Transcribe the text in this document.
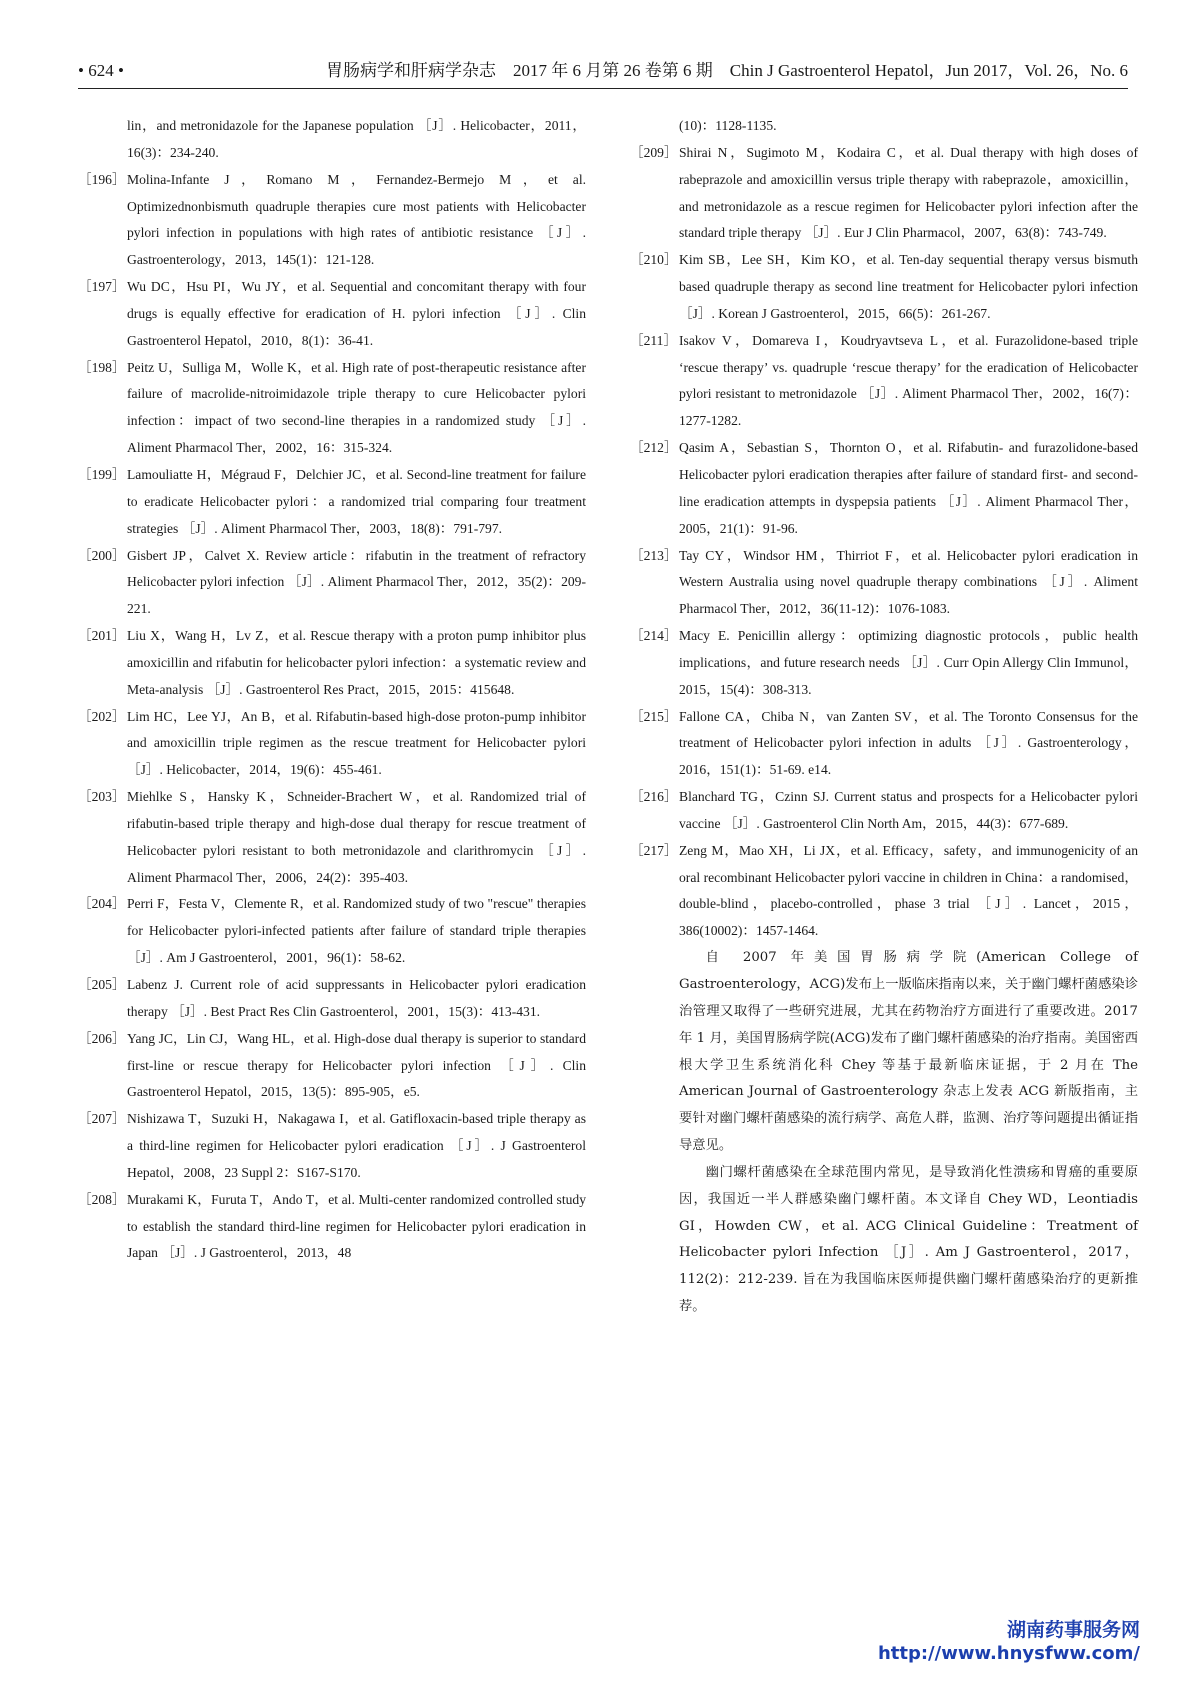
• 624 •	胃肠病学和肝病学杂志　2017 年 6 月第 26 卷第 6 期　Chin J Gastroenterol Hepatol，Jun 2017，Vol. 26，No. 6
lin，and metronidazole for the Japanese population ［J］. Helicobacter，2011，16(3)：234-240.
［196］ Molina-Infante J，Romano M，Fernandez-Bermejo M，et al. Optimizednonbismuth quadruple therapies cure most patients with Helicobacter pylori infection in populations with high rates of antibiotic resistance ［J］. Gastroenterology，2013，145(1)：121-128.
［197］ Wu DC，Hsu PI，Wu JY，et al. Sequential and concomitant therapy with four drugs is equally effective for eradication of H. pylori infection ［J］. Clin Gastroenterol Hepatol，2010，8(1)：36-41.
［198］ Peitz U，Sulliga M，Wolle K，et al. High rate of post-therapeutic resistance after failure of macrolide-nitroimidazole triple therapy to cure Helicobacter pylori infection：impact of two second-line therapies in a randomized study ［J］. Aliment Pharmacol Ther，2002，16：315-324.
［199］ Lamouliatte H，Mégraud F，Delchier JC，et al. Second-line treatment for failure to eradicate Helicobacter pylori：a randomized trial comparing four treatment strategies ［J］. Aliment Pharmacol Ther，2003，18(8)：791-797.
［200］ Gisbert JP，Calvet X. Review article：rifabutin in the treatment of refractory Helicobacter pylori infection ［J］. Aliment Pharmacol Ther，2012，35(2)：209-221.
［201］ Liu X，Wang H，Lv Z，et al. Rescue therapy with a proton pump inhibitor plus amoxicillin and rifabutin for helicobacter pylori infection：a systematic review and Meta-analysis ［J］. Gastroenterol Res Pract，2015，2015：415648.
［202］ Lim HC，Lee YJ，An B，et al. Rifabutin-based high-dose proton-pump inhibitor and amoxicillin triple regimen as the rescue treatment for Helicobacter pylori ［J］. Helicobacter，2014，19(6)：455-461.
［203］ Miehlke S，Hansky K，Schneider-Brachert W，et al. Randomized trial of rifabutin-based triple therapy and high-dose dual therapy for rescue treatment of Helicobacter pylori resistant to both metronidazole and clarithromycin ［J］. Aliment Pharmacol Ther，2006，24(2)：395-403.
［204］ Perri F，Festa V，Clemente R，et al. Randomized study of two "rescue" therapies for Helicobacter pylori-infected patients after failure of standard triple therapies ［J］. Am J Gastroenterol，2001，96(1)：58-62.
［205］ Labenz J. Current role of acid suppressants in Helicobacter pylori eradication therapy ［J］. Best Pract Res Clin Gastroenterol，2001，15(3)：413-431.
［206］ Yang JC，Lin CJ，Wang HL，et al. High-dose dual therapy is superior to standard first-line or rescue therapy for Helicobacter pylori infection ［J］. Clin Gastroenterol Hepatol，2015，13(5)：895-905，e5.
［207］ Nishizawa T，Suzuki H，Nakagawa I，et al. Gatifloxacin-based triple therapy as a third-line regimen for Helicobacter pylori eradication ［J］. J Gastroenterol Hepatol，2008，23 Suppl 2：S167-S170.
［208］ Murakami K，Furuta T，Ando T，et al. Multi-center randomized controlled study to establish the standard third-line regimen for Helicobacter pylori eradication in Japan ［J］. J Gastroenterol，2013，48
(10)：1128-1135.
［209］ Shirai N，Sugimoto M，Kodaira C，et al. Dual therapy with high doses of rabeprazole and amoxicillin versus triple therapy with rabeprazole，amoxicillin，and metronidazole as a rescue regimen for Helicobacter pylori infection after the standard triple therapy ［J］. Eur J Clin Pharmacol，2007，63(8)：743-749.
［210］ Kim SB，Lee SH，Kim KO，et al. Ten-day sequential therapy versus bismuth based quadruple therapy as second line treatment for Helicobacter pylori infection ［J］. Korean J Gastroenterol，2015，66(5)：261-267.
［211］ Isakov V，Domareva I，Koudryavtseva L，et al. Furazolidone-based triple ‘rescue therapy’ vs. quadruple ‘rescue therapy’ for the eradication of Helicobacter pylori resistant to metronidazole ［J］. Aliment Pharmacol Ther，2002，16(7)：1277-1282.
［212］ Qasim A，Sebastian S，Thornton O，et al. Rifabutin- and furazolidone-based Helicobacter pylori eradication therapies after failure of standard first- and second-line eradication attempts in dyspepsia patients ［J］. Aliment Pharmacol Ther，2005，21(1)：91-96.
［213］ Tay CY，Windsor HM，Thirriot F，et al. Helicobacter pylori eradication in Western Australia using novel quadruple therapy combinations ［J］. Aliment Pharmacol Ther，2012，36(11-12)：1076-1083.
［214］ Macy E. Penicillin allergy：optimizing diagnostic protocols，public health implications，and future research needs ［J］. Curr Opin Allergy Clin Immunol，2015，15(4)：308-313.
［215］ Fallone CA，Chiba N，van Zanten SV，et al. The Toronto Consensus for the treatment of Helicobacter pylori infection in adults ［J］. Gastroenterology，2016，151(1)：51-69. e14.
［216］ Blanchard TG，Czinn SJ. Current status and prospects for a Helicobacter pylori vaccine ［J］. Gastroenterol Clin North Am，2015，44(3)：677-689.
［217］ Zeng M，Mao XH，Li JX，et al. Efficacy，safety，and immunogenicity of an oral recombinant Helicobacter pylori vaccine in children in China：a randomised，double-blind，placebo-controlled，phase 3 trial ［J］. Lancet，2015，386(10002)：1457-1464.
自 2007 年美国胃肠病学院(American College of Gastroenterology，ACG)发布上一版临床指南以来，关于幽门螺杆菌感染诊治管理又取得了一些研究进展，尤其在药物治疗方面进行了重要改进。2017 年 1 月，美国胃肠病学院(ACG)发布了幽门螺杆菌感染的治疗指南。美国密西根大学卫生系统消化科 Chey 等基于最新临床证据，于 2 月在 The American Journal of Gastroenterology 杂志上发表 ACG 新版指南，主要针对幽门螺杆菌感染的流行病学、高危人群，监测、治疗等问题提出循证指导意见。
幽门螺杆菌感染在全球范围内常见，是导致消化性溃疡和胃癌的重要原因，我国近一半人群感染幽门螺杆菌。本文译自 Chey WD，Leontiadis GI，Howden CW，et al. ACG Clinical Guideline：Treatment of Helicobacter pylori Infection ［J］. Am J Gastroenterol，2017，112(2)：212-239. 旨在为我国临床医师提供幽门螺杆菌感染治疗的更新推荐。
湖南药事服务网
http://www.hnysfww.com/
